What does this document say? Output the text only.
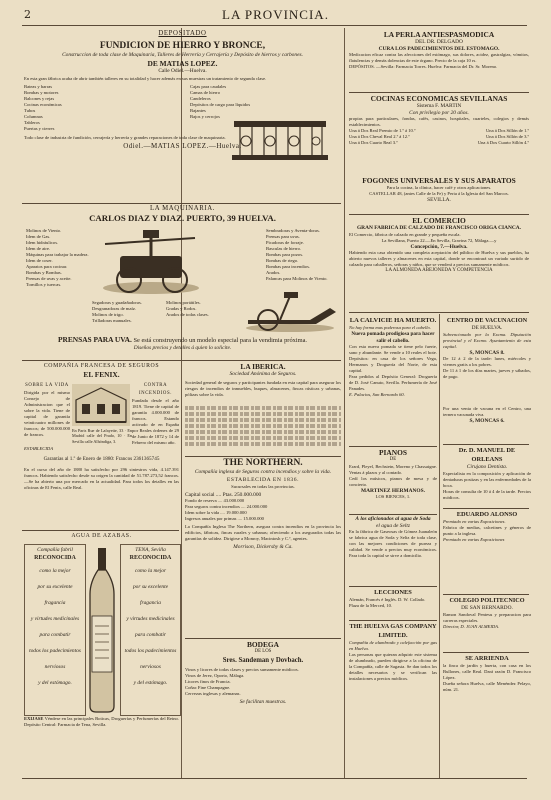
2	LA PROVINCIA.
DEPOSITADO
FUNDICION DE HIERRO Y BRONCE,
Construccion de toda clase de Maquinaria, Talleres de Herrería y Cerrajería y Depósito de hierros y carbones.
DE MATIAS LOPEZ.
Calle Odiel.—Huelva.
En esta gran fábrica acaba de abrir también talleres en su totalidad y hacer además en sus muestras un tratamiento de segunda clase.
Bateas y barras
Bombas y motores
Balcones y rejas
Cocinas económicas
Tubos
Columnas
Tableros
Puertas y cierres
Cajas para caudales
Camas de hierro
Candeleros
Depósitos de cargo para líquidos
Bajantes
Bajos y cerrojos
Todo clase de industria de fundición, cerrajería y herrería y grandes reparaciones de toda clase de maquinaria.
Odiel.—MATIAS LOPEZ.—Huelva.
LA MAQUINARIA.
CARLOS DIAZ Y DIAZ. PUERTO, 39 HUELVA.
Molinos de Viento.
Idem de Gas.
Idem hidráulicos.
Idem de aire.
Máquinas para trabajar la madera.
Idem de coser.
Aparatos para cocinar.
Bombas y Bombas.
Prensas de uvas y aceite.
Tornillos y tuercas.
Segadoras y guadañadoras.
Desgranadoras de maíz.
Molinos de trigo.
Trilladoras manuales.
Molinos portátiles.
Gradas y Rodos.
Arados de todas clases.
Sembradoras y Aventa-doras.
Prensas para uvas.
Picadoras de forraje.
Basculas de hierro.
Bombas para pozos.
Bombas de riego.
Bombas para incendios.
Arados.
Palancas para Molinos de Viento.
PRENSAS PARA UVA. Se está construyendo un modelo especial para la vendimia próxima.
Diseños precios y detalles á quien lo solicite.
COMPAÑIA FRANCESA DE SEGUROS
EL FENIX.
SOBRE LA VIDA
Dirigida por el mismo Consejo de Administracion que el sobre la vida. Tiene de capital de garantía veinticuatro millones de francos; de 500.000.000 de francos.
CONTRA INCENDIOS.
Fundada desde el año 1819. Tiene de capital de garantía 4.000.000 de francos. Estando activado de en España por Reales órdenes de 29 de Junio de 1872 y 14 de Febrero del mismo año.
ESTABLECIDA
En Paris Rue de Lafayette, 33 · En Madrid calle del Prado, 10 · En Sevilla calle Alhóndiga, 3.
Garantías al 1.º de Enero de 1880: Francos 2361365745
En el curso del año de 1880 ha satisfecho por 296 siniestros vida, 4.147.391 francos. Habiendo satisfecho desde su origen la cantidad de 51.787.273,52 francos.—Se ha abierto una por mercado en la actualidad. Para todos los detalles en las oficinas de El Fenix, calle Real.
AGUA DE AZABAS.
Compañía fabril
RECONOCIDA
como la mejor
por su excelente
fragancia
y virtudes medicinales
para combatir
todos los padecimientos
nerviosos
y del estómago.
TENA, Sevilla
RECONOCIDA
como la mejor
por su excelente
fragancia
y virtudes medicinales
para combatir
todos los padecimientos
nerviosos
y del estómago.
EXIJASE Véndese en las principales Boticas, Droguerías y Perfumerías del Reino. Depósito Central: Farmacia de Tena, Sevilla.
LA IBERICA.
Sociedad Anónima de Seguros.
Sociedad general de seguros y participantes fundada en esta capital para asegurar los riesgos de incendios de inmuebles, buques, almacenes, fincas rústicas y urbanas, pólizas sobre la vida.
THE NORTHERN.
Compañía inglesa de Seguros contra incendios y sobre la vida.
ESTABLECIDA EN 1836.
Sucursales en todas las provincias.
Capital social .... Ptas. 250.000.000
Fondo de reserva .... 43.000.000
Para seguros contra incendios .... 24.000.000
Idem sobre la vida .... 19.000.000
Ingresos anuales por primas .... 15.000.000
La Compañía Inglesa The Northern, asegura contra incendios en la provincia los edificios, fábricas, fincas rurales y urbanas; ofreciendo a los asegurados todas las garantías de solidez. Dirigirse a Monroy, Macintosh y C.ª, agentes.
Morrison, Dickersby & Ca.
BODEGA
DE LOS
Sres. Sandeman y Dovbach.
Vinos y licores de todas clases y precios sumamente módicos.
Vinos de Jerez, Oporto, Málaga.
Licores finos de Francia.
Coñac Fine Champagne.
Cervezas inglesas y alemanas.
Se facilitan muestras.
LA PERLA ANTIESPASMODICA
DEL DR. DELGADO
CURA LOS PADECIMIENTOS DEL ESTOMAGO.
Medicacion eficaz contra las afecciones del estómago, sus dolores, acidez, gastralgias, vómitos, flatulencias y demás dolencias de este órgano. Precio de la caja 10 rs.
DEPÓSITOS. —Sevilla: Farmacia Torres. Huelva: Farmacia del Dr. Sr. Moreno.
COCINAS ECONOMICAS SEVILLANAS
Sistema F. MARTIN
Con privilegio por 20 años.
propias para particulares, fondas, cafés, casinos, hospitales, cuarteles, colegios y demás establecimientos.
Una á Dos Real Premio de 1.º á 10.º	Una á Dos Sillón de 1.º
Una á Dos Cheval Real 2.º á 12.º	Una á Dos Sillón de 3.º
Una á Dos Cuarto Real 3.º	Una á Dos Cuarto Sillón 4.º
FOGONES UNIVERSALES Y SUS APARATOS
Para la cocina, la clínica, hacer café y otros aplicaciones.
CASTELLAR 48, (antes Calle de la Fe) y Peria á la Iglesia del San Marcos.
SEVILLA.
EL COMERCIO
GRAN FABRICA DE CALZADO DE FRANCISCO ORIGA CIANCA.
El Comercio, fábrica de calzado en grande y pequeña escala.
La Sevillana, Puerto 22.—En Sevilla, Gravina 72, Málaga.—y
Concepción, 7.—Huelva.
Habiendo esta casa obtenido una completa aceptación del público de Huelva y sus pueblos, ha abierto nuevos talleres y almacenes en esta capital, donde se encontrará un variado surtido de calzado para caballeros, señoras y niños, que se venderá a precios sumamente módicos.
LA ALMONEDA ABEJONEDA Y COMPETENCIA
LA CALVICIE HA MUERTO.
No hay forma mas poderosa para el cabello.
Nueva pomada prodigiosa para hacer salir el cabello.
Con esta nueva pomada se tiene pelo fuerte, sano y abundante. Se vende a 10 reales el bote. Depósitos: en casa de los señores Vega, Hermanos y Droguería del Norte, de esta capital.
Para pedidos al Depósito General: Droguería de D. José Canuto, Sevilla. Perfumería de José Panades.
E. Palacios, San Bernardo 60.
PIANOS
DE
Erard, Pleyel, Bechstein, Moreno y Chassaigne. Ventas á plazos y al contado.
Cedí los músicos, pianos de mesa y de concierto.
MARTINEZ HERMANOS.
LOS BIENCES, 1.
Á los aficionados al agua de Soda
el agua de Seltz
En la fábrica de Gaseosas de Gómez Juanaleón se fabrica agua de Soda y Seltz de toda clase, con las mejores condiciones de pureza y calidad. Se vende a precios muy económicos. Para toda la capital se sirve a domicilio.
LECCIONES
Alemán, Francés é Inglés. D. W. Collado.
Plaza de la Merced, 10.
THE HUELVA GAS COMPANY LIMITED.
Compañía de alumbrado y calefacción por gas en Huelva.
Las personas que quieran adquirir este sistema de alumbrado, pueden dirigirse a la oficina de la Compañía, calle de Sagasta. Se dan todos los detalles necesarios y se verifican las instalaciones a precios módicos.
CENTRO DE VACUNACION
DE HUELVA.
Subvencionado por la Excma. Diputación provincial y el Excmo. Ayuntamiento de esta capital.
S, MONCAS 8.
De 12 á 2 de la tarde: lunes, miércoles y viernes gratis a los pobres.
De 11 á 1 de los días martes, jueves y sábados, de pago.
Por una venta de vacuna en el Centro, una ternera vacunada viva.
S, MONCAS 6.
Dr. D. MANUEL DE ORLEANS
Cirujano Dentista.
Especialista en la composición y aplicación de dentaduras postizas y en las enfermedades de la boca.
Horas de consulta de 10 á 4 de la tarde. Precios módicos.
EDUARDO ALONSO
Premiado en varias Exposiciones.
Fabrica de medias, calcetines y géneros de punto a la inglesa.
Premiado en varias Exposiciones
COLEGIO POLITECNICO
DE SAN BERNARDO.
Ramon Sandoval Pentesu y preparacion para carreras especiales.
Director, D. JUAN ALMEIDA.
SE ARRIENDA
la finca de jardín y huerta, con casa en los Bullones, calle Real. Dará razón D. Francisco López.
Dueña señora Huelva, calle Menéndez Pelayo, núm. 21.
